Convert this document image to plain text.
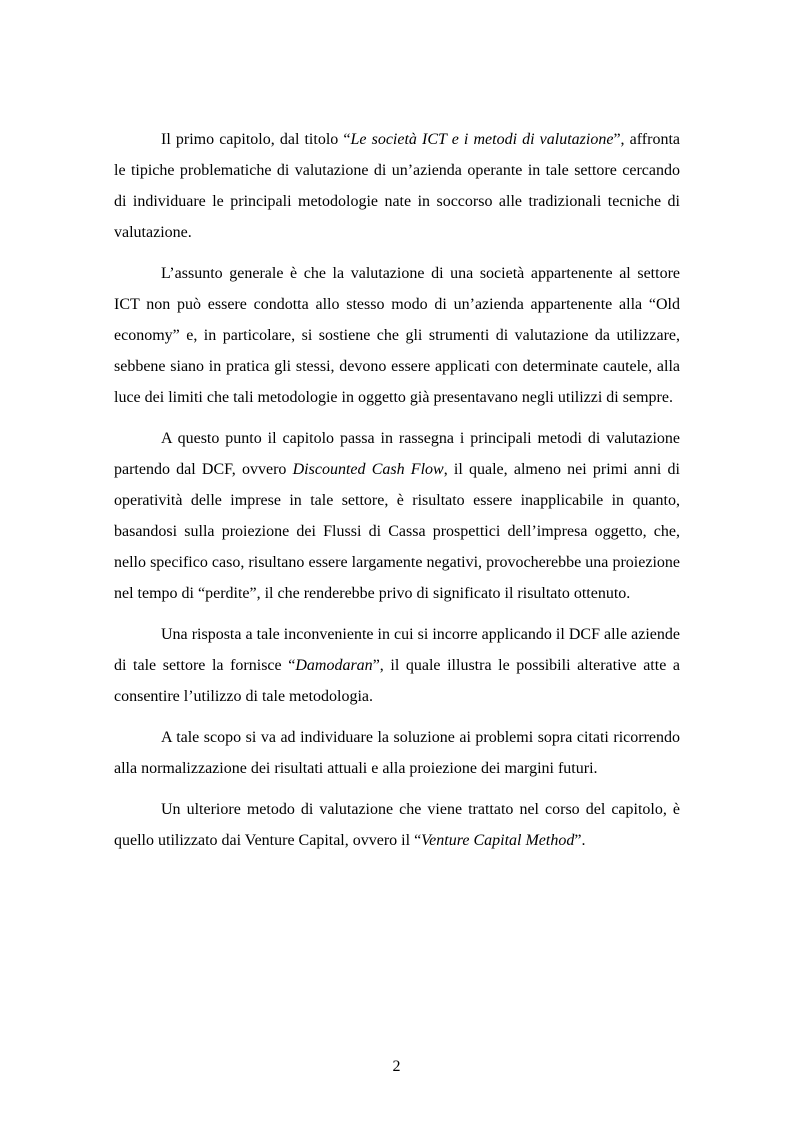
Il primo capitolo, dal titolo “Le società ICT e i metodi di valutazione”, affronta le tipiche problematiche di valutazione di un’azienda operante in tale settore cercando di individuare le principali metodologie nate in soccorso alle tradizionali tecniche di valutazione.

L’assunto generale è che la valutazione di una società appartenente al settore ICT non può essere condotta allo stesso modo di un’azienda appartenente alla “Old economy” e, in particolare, si sostiene che gli strumenti di valutazione da utilizzare, sebbene siano in pratica gli stessi, devono essere applicati con determinate cautele, alla luce dei limiti che tali metodologie in oggetto già presentavano negli utilizzi di sempre.

A questo punto il capitolo passa in rassegna i principali metodi di valutazione partendo dal DCF, ovvero Discounted Cash Flow, il quale, almeno nei primi anni di operatività delle imprese in tale settore, è risultato essere inapplicabile in quanto, basandosi sulla proiezione dei Flussi di Cassa prospettici dell’impresa oggetto, che, nello specifico caso, risultano essere largamente negativi, provocherebbe una proiezione nel tempo di “perdite”, il che renderebbe privo di significato il risultato ottenuto.

Una risposta a tale inconveniente in cui si incorre applicando il DCF alle aziende di tale settore la fornisce “Damodaran”, il quale illustra le possibili alterative atte a consentire l’utilizzo di tale metodologia.

A tale scopo si va ad individuare la soluzione ai problemi sopra citati ricorrendo alla normalizzazione dei risultati attuali e alla proiezione dei margini futuri.

Un ulteriore metodo di valutazione che viene trattato nel corso del capitolo, è quello utilizzato dai Venture Capital, ovvero il “Venture Capital Method”.

2
